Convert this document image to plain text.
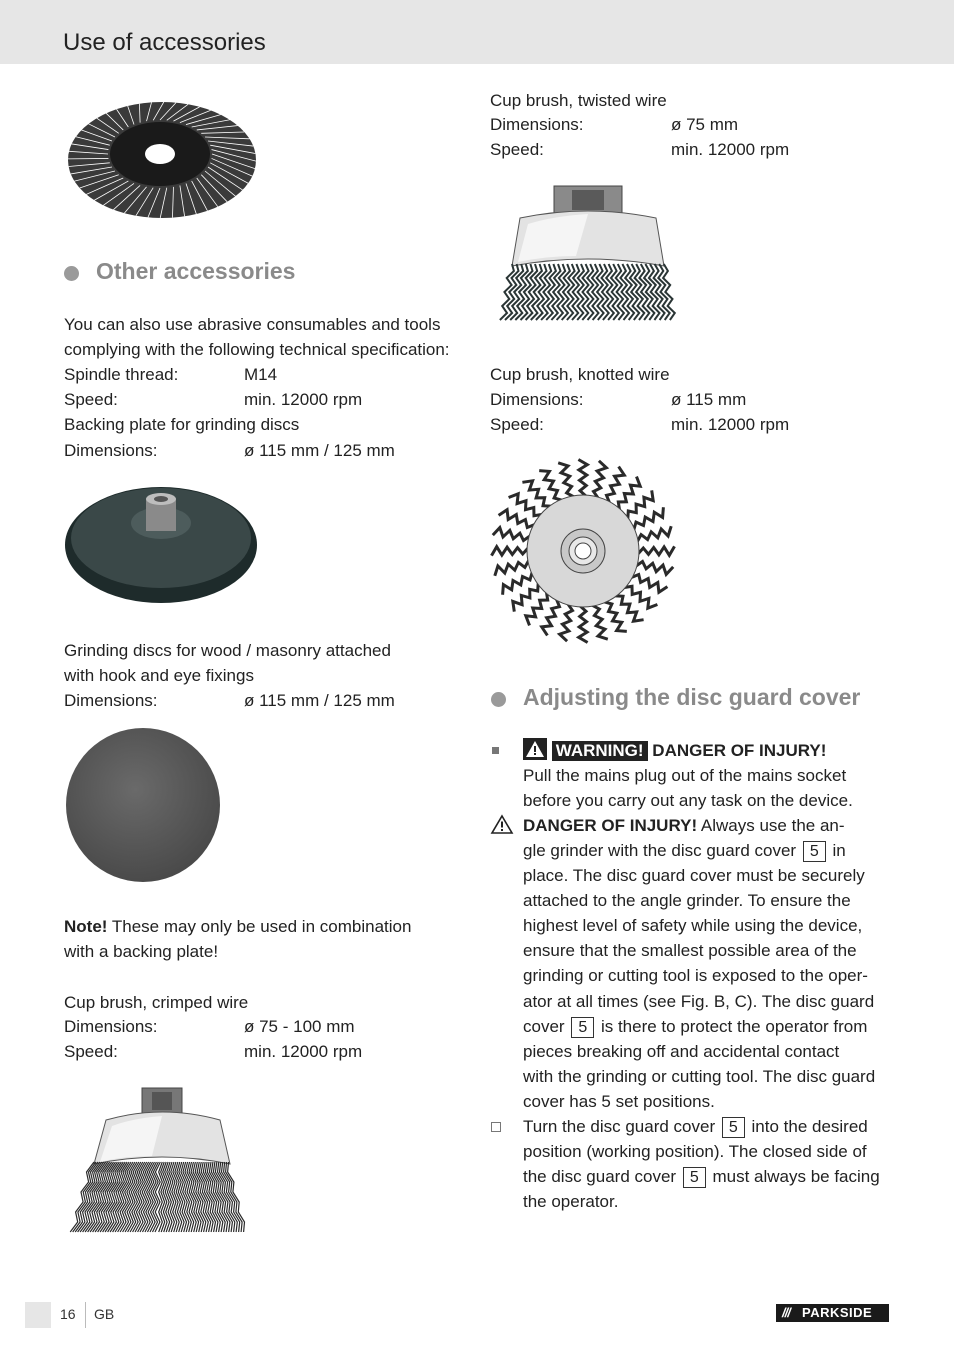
Use of accessories
Other accessories
You can also use abrasive consumables and tools
complying with the following technical specification:
Spindle thread:	M14
Speed:	min. 12000 rpm
Backing plate for grinding discs
Dimensions:	ø 115 mm / 125 mm
Grinding discs for wood / masonry attached
with hook and eye fixings
Dimensions:	ø 115 mm / 125 mm
Note! These may only be used in combination
with a backing plate!
Cup brush, crimped wire
Dimensions:	ø 75 - 100 mm
Speed:	min. 12000 rpm
Cup brush, twisted wire
Dimensions:	ø 75 mm
Speed:	min. 12000 rpm
Cup brush, knotted wire
Dimensions:	ø 115 mm
Speed:	min. 12000 rpm
Adjusting the disc guard cover
WARNING! DANGER OF INJURY!
Pull the mains plug out of the mains socket
before you carry out any task on the device.
DANGER OF INJURY! Always use the an-
gle grinder with the disc guard cover 5 in
place. The disc guard cover must be securely
attached to the angle grinder. To ensure the
highest level of safety while using the device,
ensure that the smallest possible area of the
grinding or cutting tool is exposed to the oper-
ator at all times (see Fig. B, C). The disc guard
cover 5 is there to protect the operator from
pieces breaking off and accidental contact
with the grinding or cutting tool. The disc guard
cover has 5 set positions.
Turn the disc guard cover 5 into the desired
position (working position). The closed side of
the disc guard cover 5 must always be facing
the operator.
16 GB	/// PARKSIDE
